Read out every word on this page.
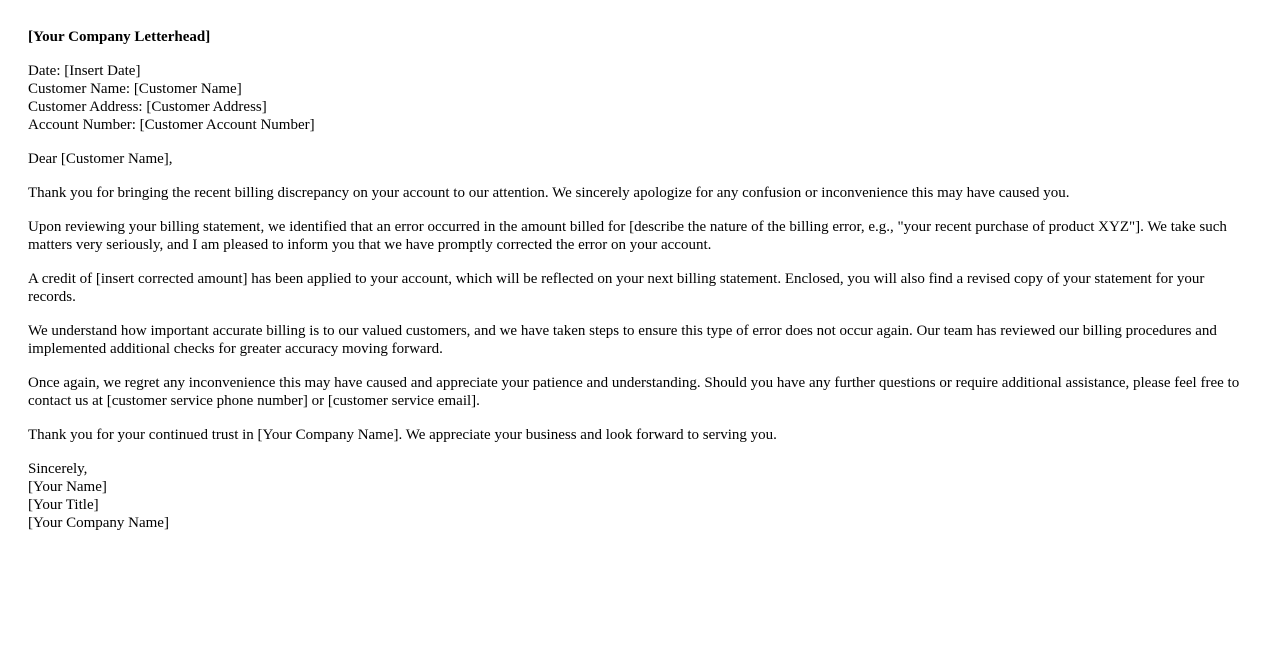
[Your Company Letterhead]
Date: [Insert Date]
Customer Name: [Customer Name]
Customer Address: [Customer Address]
Account Number: [Customer Account Number]

Dear [Customer Name],

Thank you for bringing the recent billing discrepancy on your account to our attention. We sincerely apologize for any confusion or inconvenience this may have caused you.

Upon reviewing your billing statement, we identified that an error occurred in the amount billed for [describe the nature of the billing error, e.g., "your recent purchase of product XYZ"]. We take such matters very seriously, and I am pleased to inform you that we have promptly corrected the error on your account.

A credit of [insert corrected amount] has been applied to your account, which will be reflected on your next billing statement. Enclosed, you will also find a revised copy of your statement for your records.

We understand how important accurate billing is to our valued customers, and we have taken steps to ensure this type of error does not occur again. Our team has reviewed our billing procedures and implemented additional checks for greater accuracy moving forward.

Once again, we regret any inconvenience this may have caused and appreciate your patience and understanding. Should you have any further questions or require additional assistance, please feel free to contact us at [customer service phone number] or [customer service email].

Thank you for your continued trust in [Your Company Name]. We appreciate your business and look forward to serving you.

Sincerely,
[Your Name]
[Your Title]
[Your Company Name]
